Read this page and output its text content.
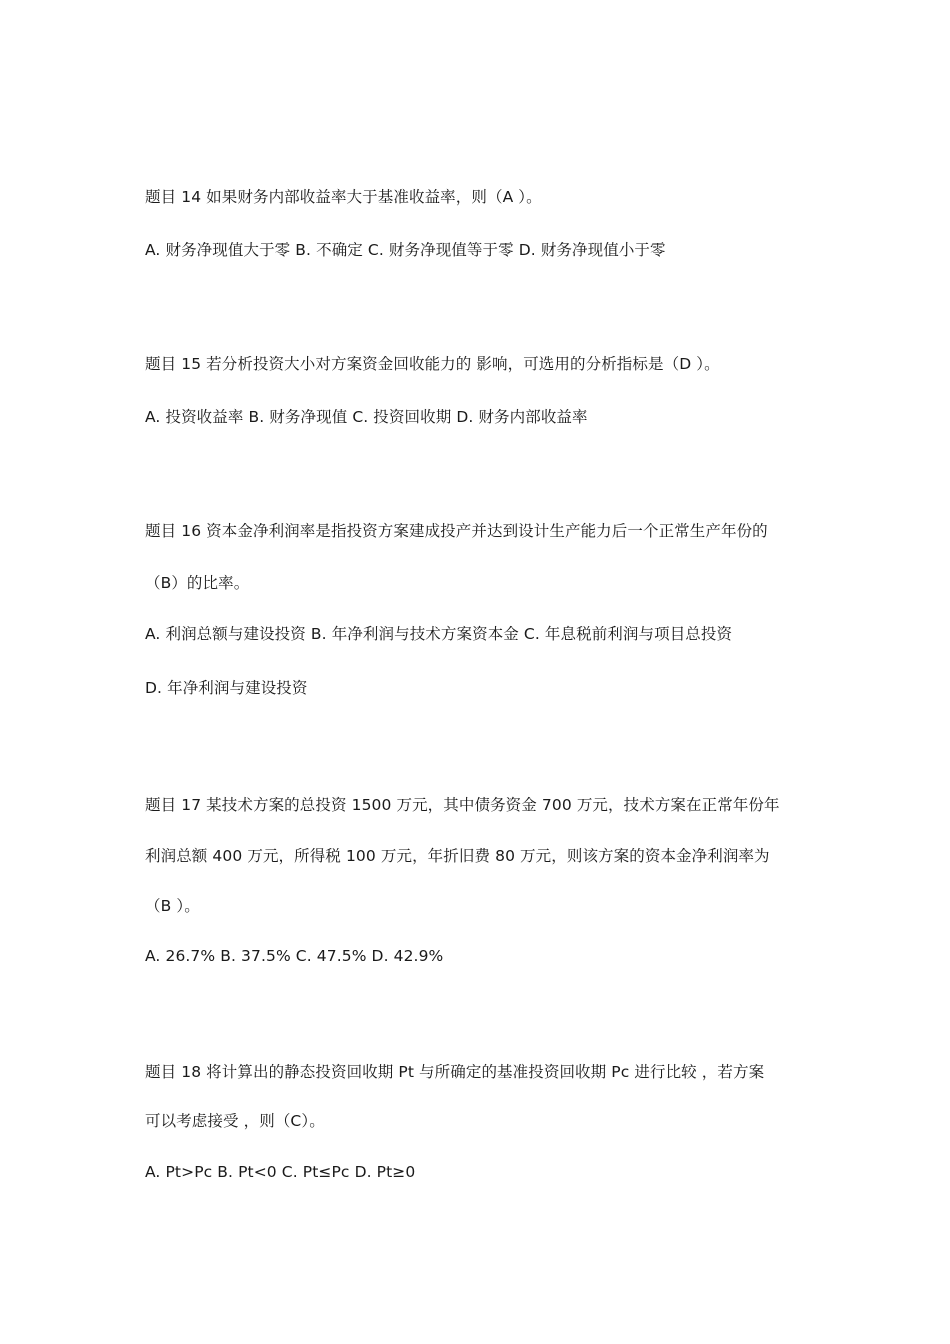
题目 14 如果财务内部收益率大于基准收益率，则（A ）。
A. 财务净现值大于零 B. 不确定 C. 财务净现值等于零 D. 财务净现值小于零
题目 15 若分析投资大小对方案资金回收能力的 影响，可选用的分析指标是（D ）。
A. 投资收益率 B. 财务净现值 C. 投资回收期 D. 财务内部收益率
题目 16 资本金净利润率是指投资方案建成投产并达到设计生产能力后一个正常生产年份的
（B）的比率。
A. 利润总额与建设投资 B. 年净利润与技术方案资本金 C. 年息税前利润与项目总投资
D. 年净利润与建设投资
题目 17 某技术方案的总投资 1500 万元，其中债务资金 700 万元，技术方案在正常年份年
利润总额 400 万元，所得税 100 万元，年折旧费 80 万元，则该方案的资本金净利润率为
（B ）。
A. 26.7% B. 37.5% C. 47.5% D. 42.9%
题目 18 将计算出的静态投资回收期 Pt 与所确定的基准投资回收期 Pc 进行比较 ，若方案
可以考虑接受 ，则（C）。
A. Pt>Pc B. Pt<0 C. Pt≤Pc D. Pt≥0
